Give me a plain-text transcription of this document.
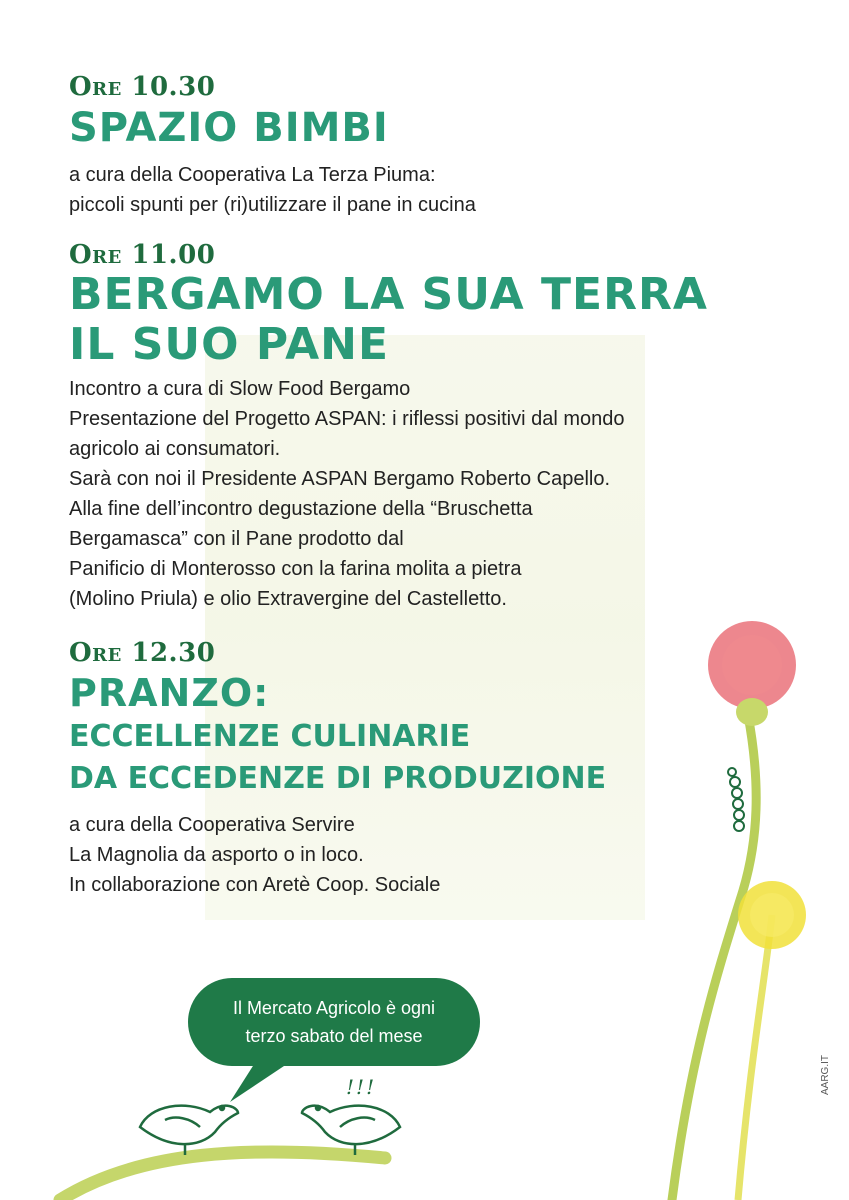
Ore 10.30
SPAZIO BIMBI

a cura della Cooperativa La Terza Piuma:

piccoli spunti per (ri)utilizzare il pane in cucina

Ore 11.00
BERGAMO LA SUA TERRA
IL SUO PANE

Incontro a cura di Slow Food Bergamo

Presentazione del Progetto ASPAN: i riflessi positivi dal mondo

agricolo ai consumatori.

Sarà con noi il Presidente ASPAN Bergamo Roberto Capello.

Alla fine dell’incontro degustazione della “Bruschetta

Bergamasca” con il Pane prodotto dal

Panificio di Monterosso con la farina molita a pietra

(Molino Priula) e olio Extravergine del Castelletto.

Ore 12.30
PRANZO:
ECCELLENZE CULINARIE
DA ECCEDENZE DI PRODUZIONE

a cura della Cooperativa Servire

La Magnolia da asporto o in loco.

In collaborazione con Aretè Coop. Sociale

Il Mercato Agricolo è ogni
terzo sabato del mese
!!!	AARG.IT
